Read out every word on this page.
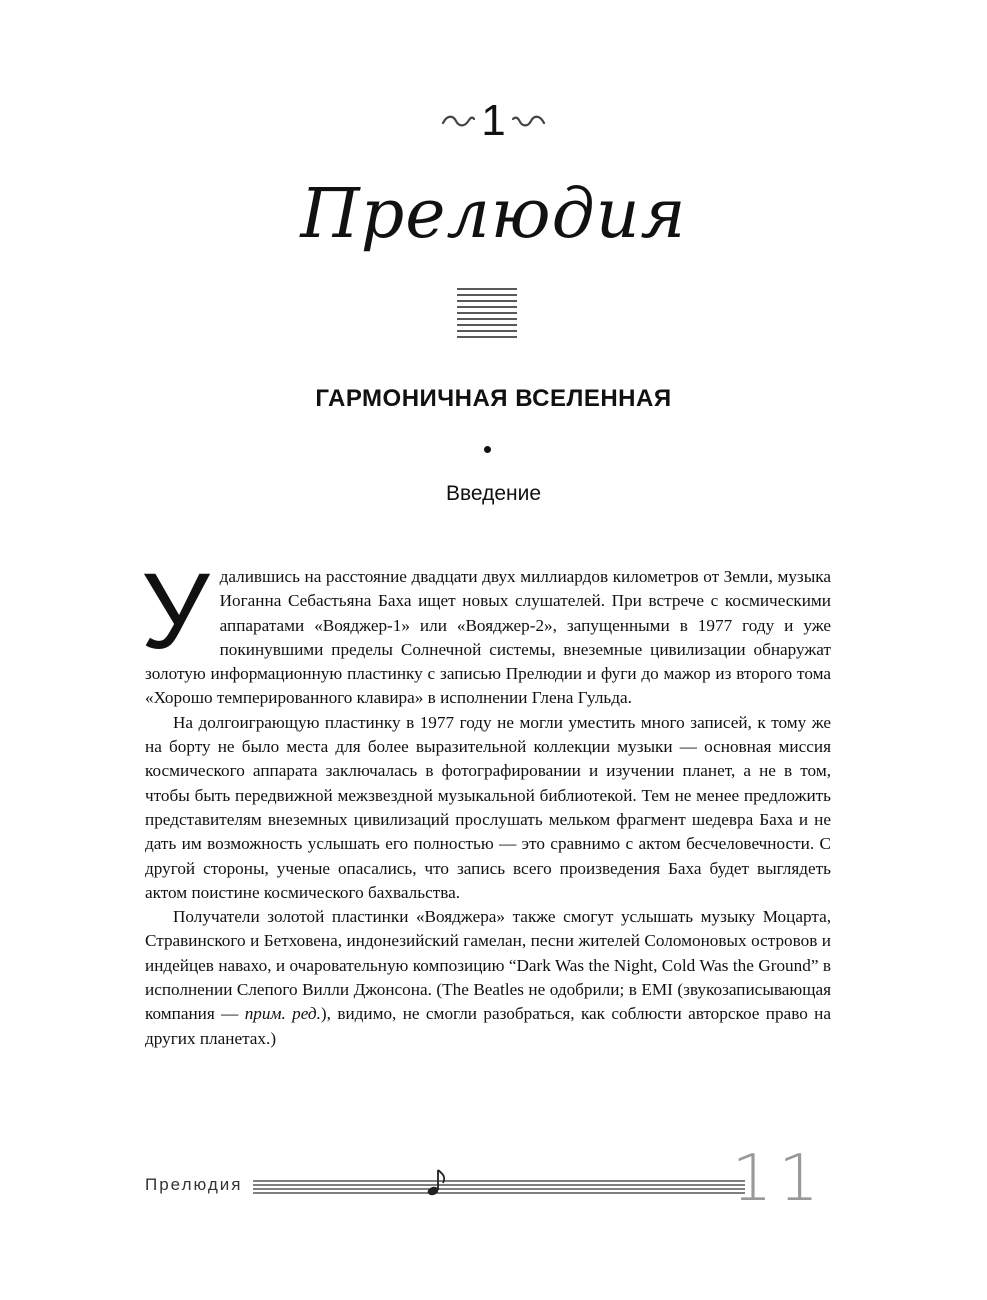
1
Прелюдия
ГАРМОНИЧНАЯ ВСЕЛЕННАЯ
Введение

Удалившись на расстояние двадцати двух миллиардов километров от Земли, музыка Иоганна Себастьяна Баха ищет новых слушателей. При встрече с космическими аппаратами «Вояджер-1» или «Вояджер-2», запущенными в 1977 году и уже покинувшими пределы Солнечной системы, внеземные цивилизации обнаружат золотую информационную пластинку с записью Прелюдии и фуги до мажор из второго тома «Хорошо темперированного клавира» в исполнении Глена Гульда.

На долгоиграющую пластинку в 1977 году не могли уместить много записей, к тому же на борту не было места для более выразительной коллекции музыки — основная миссия космического аппарата заключалась в фотографировании и изучении планет, а не в том, чтобы быть передвижной межзвездной музыкальной библиотекой. Тем не менее предложить представителям внеземных цивилизаций прослушать мельком фрагмент шедевра Баха и не дать им возможность услышать его полностью — это сравнимо с актом бесчеловечности. С другой стороны, ученые опасались, что запись всего произведения Баха будет выглядеть актом поистине космического бахвальства.

Получатели золотой пластинки «Вояджера» также смогут услышать музыку Моцарта, Стравинского и Бетховена, индонезийский гамелан, песни жителей Соломоновых островов и индейцев навахо, и очаровательную композицию “Dark Was the Night, Cold Was the Ground” в исполнении Слепого Вилли Джонсона. (The Beatles не одобрили; в EMI (звукозаписывающая компания — прим. ред.), видимо, не смогли разобраться, как соблюсти авторское право на других планетах.)

Прелюдия	11
